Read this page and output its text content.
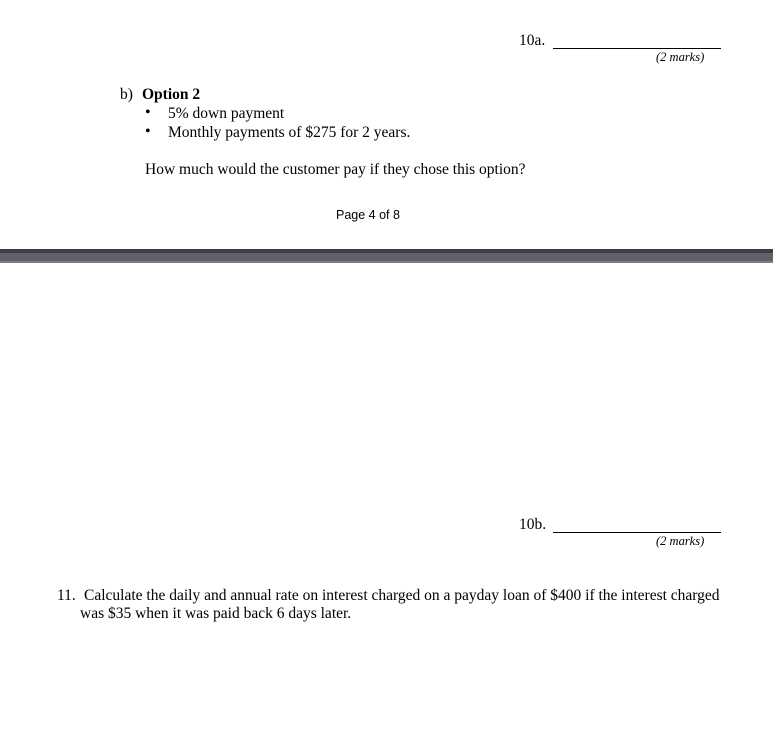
10a.
(2 marks)
b) Option 2
• 5% down payment
• Monthly payments of $275 for 2 years.
How much would the customer pay if they chose this option?
Page 4 of 8
10b.
(2 marks)
11. Calculate the daily and annual rate on interest charged on a payday loan of $400 if the interest charged
was $35 when it was paid back 6 days later.
